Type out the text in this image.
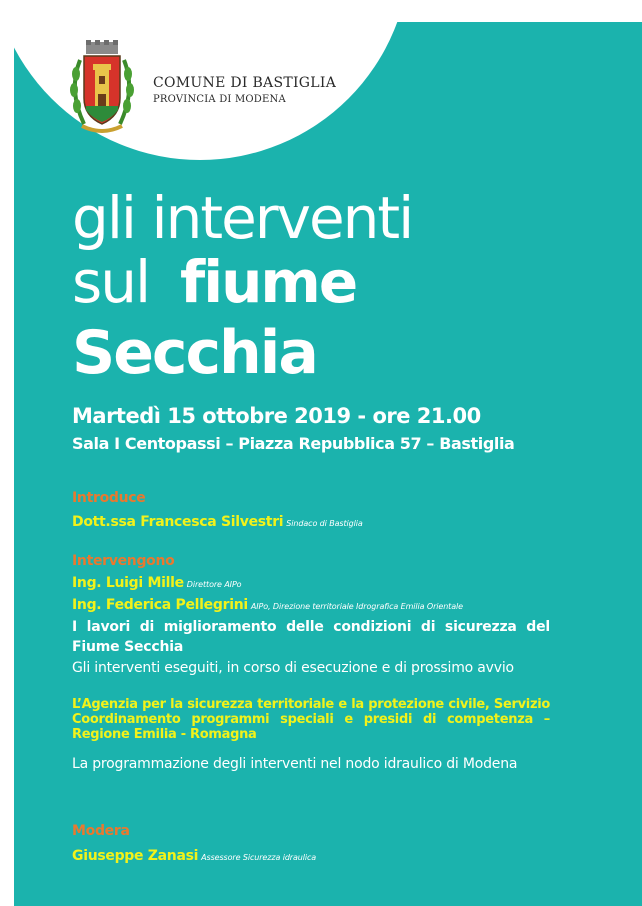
COMUNE DI BASTIGLIA
PROVINCIA DI MODENA
gli interventi
sul fiume
Secchia
Martedì 15 ottobre 2019 - ore 21.00
Sala I Centopassi – Piazza Repubblica 57 – Bastiglia
Introduce
Dott.ssa Francesca Silvestri Sindaco di Bastiglia
Intervengono
Ing. Luigi Mille Direttore AIPo
Ing. Federica Pellegrini AIPo, Direzione territoriale Idrografica Emilia Orientale
I lavori di miglioramento delle condizioni di sicurezza del Fiume Secchia
Gli interventi eseguiti, in corso di esecuzione e di prossimo avvio
L’Agenzia per la sicurezza territoriale e la protezione civile, Servizio Coordinamento programmi speciali e presidi di competenza – Regione Emilia - Romagna
La programmazione degli interventi nel nodo idraulico di Modena
Modera
Giuseppe Zanasi Assessore Sicurezza idraulica
